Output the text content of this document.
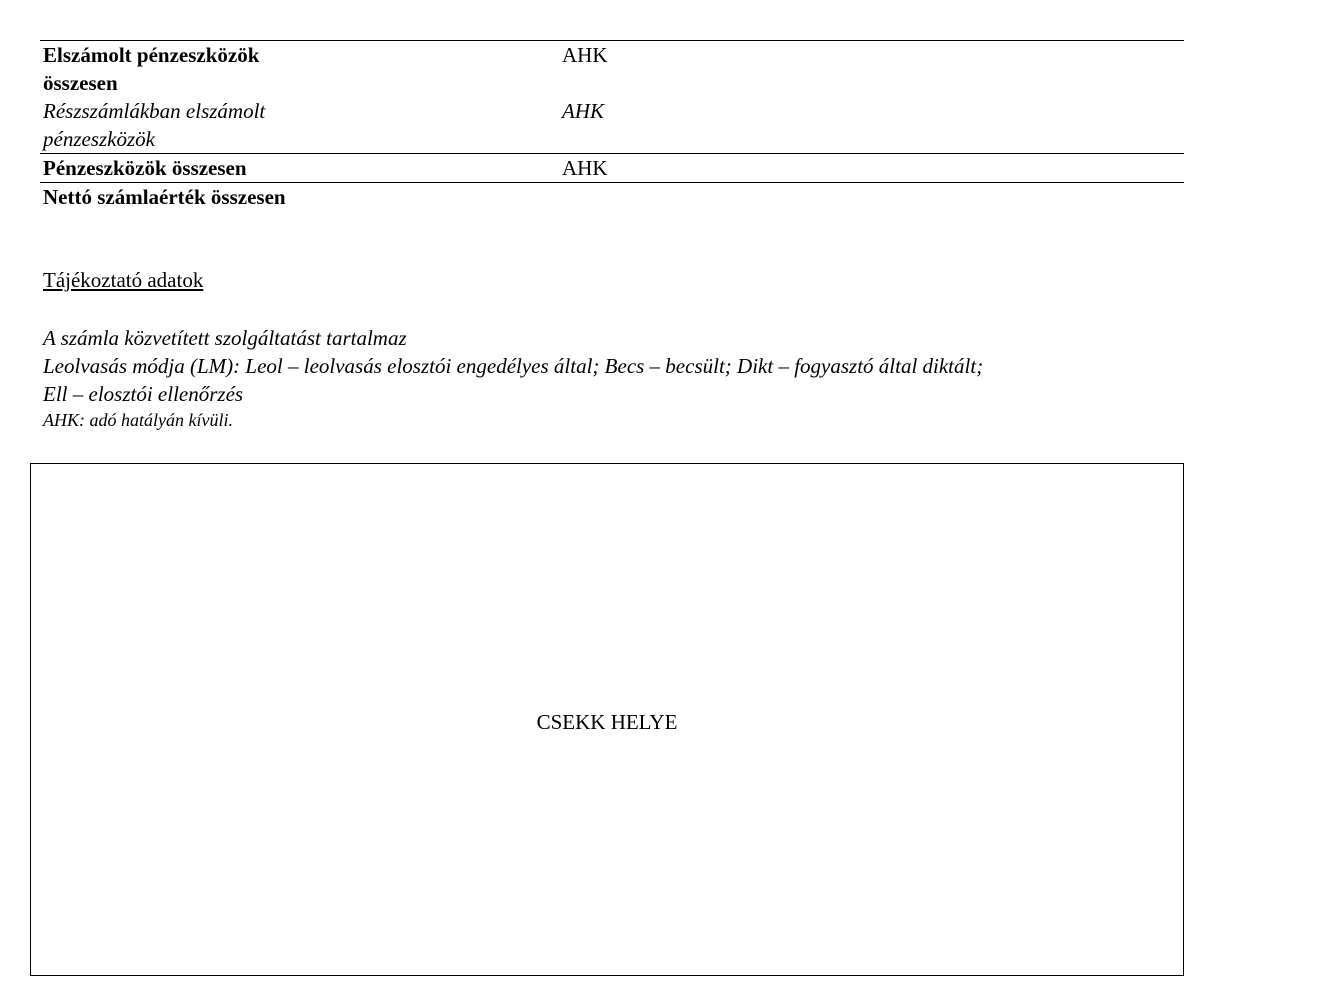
Elszámolt pénzeszközök
összesen	AHK
Részszámlákban elszámolt
pénzeszközök	AHK
Pénzeszközök összesen	AHK
Nettó számlaérték összesen	
Tájékoztató adatok
A számla közvetített szolgáltatást tartalmaz
Leolvasás módja (LM): Leol – leolvasás elosztói engedélyes által; Becs – becsült; Dikt – fogyasztó által diktált;
Ell – elosztói ellenőrzés
AHK: adó hatályán kívüli.
CSEKK HELYE
